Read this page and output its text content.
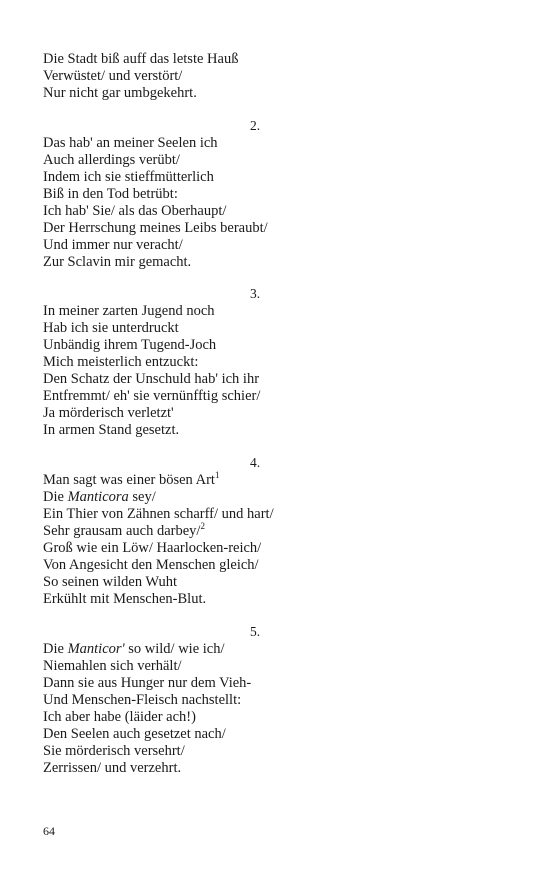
Die Stadt biß auff das letste Hauß
Verwüstet/ und verstört/
Nur nicht gar umbgekehrt.
2.
Das hab' an meiner Seelen ich
Auch allerdings verübt/
Indem ich sie stieffmütterlich
Biß in den Tod betrübt:
Ich hab' Sie/ als das Oberhaupt/
Der Herrschung meines Leibs beraubt/
Und immer nur veracht/
Zur Sclavin mir gemacht.
3.
In meiner zarten Jugend noch
Hab ich sie unterdruckt
Unbändig ihrem Tugend-Joch
Mich meisterlich entzuckt:
Den Schatz der Unschuld hab' ich ihr
Entfremmt/ eh' sie vernünfftig schier/
Ja mörderisch verletzt'
In armen Stand gesetzt.
4.
Man sagt was einer bösen Art$^1$
Die Manticora sey/
Ein Thier von Zähnen scharff/ und hart/
Sehr grausam auch darbey/$^2$
Groß wie ein Löw/ Haarlocken-reich/
Von Angesicht den Menschen gleich/
So seinen wilden Wuht
Erkühlt mit Menschen-Blut.
5.
Die Manticor' so wild/ wie ich/
Niemahlen sich verhält/
Dann sie aus Hunger nur dem Vieh-
Und Menschen-Fleisch nachstellt:
Ich aber habe (läider ach!)
Den Seelen auch gesetzet nach/
Sie mörderisch versehrt/
Zerrissen/ und verzehrt.
64
